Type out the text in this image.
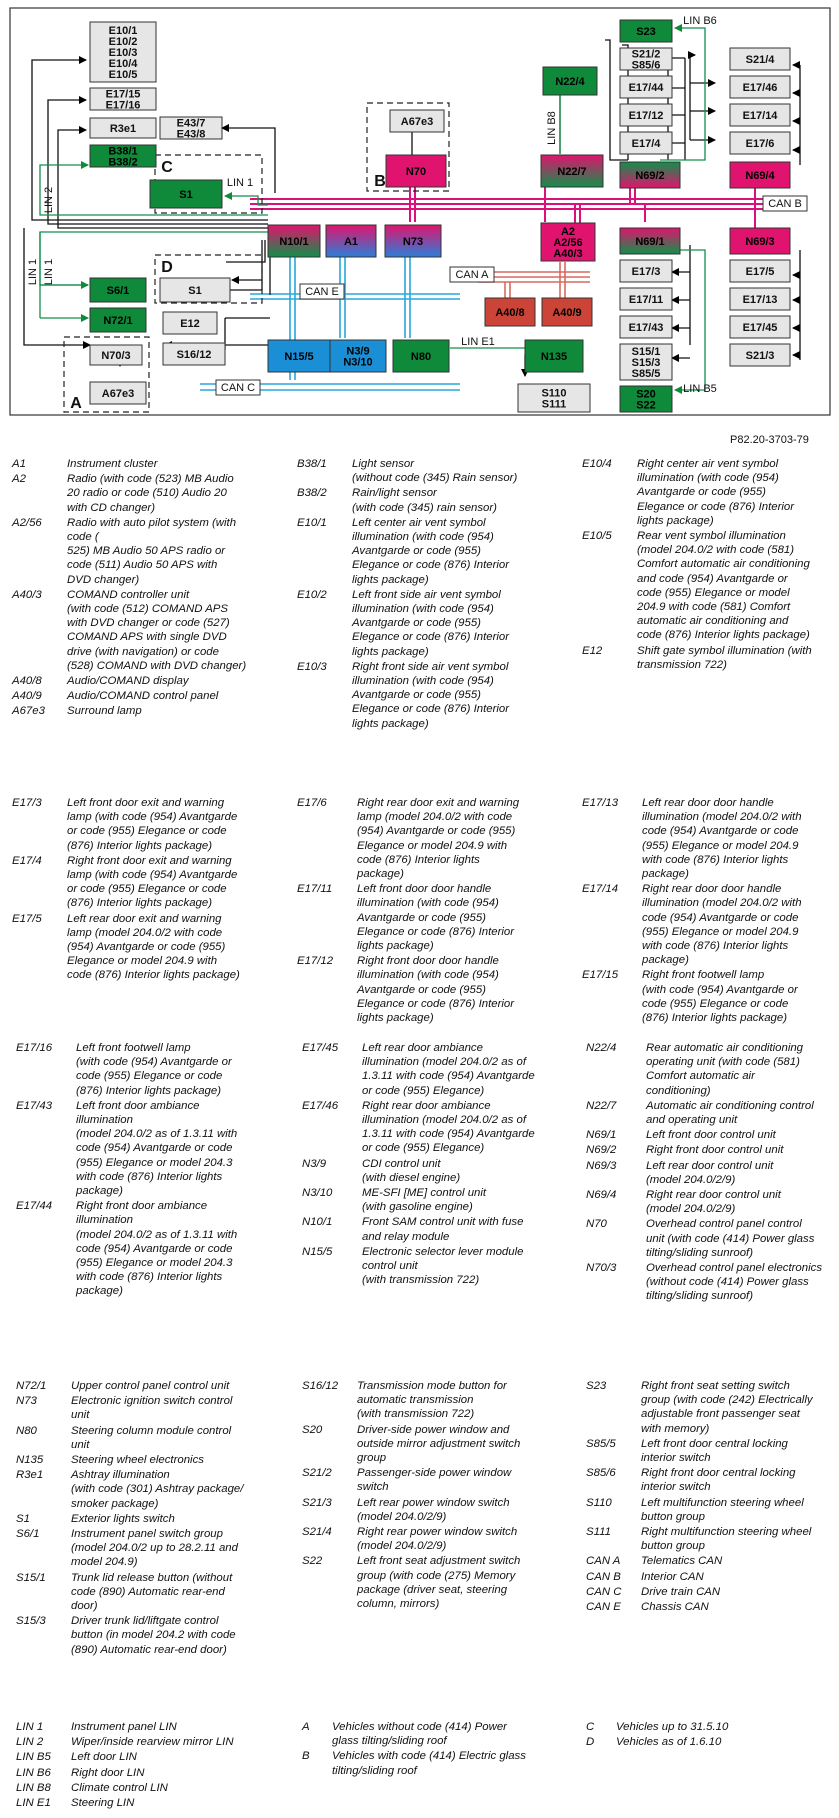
E10/1
E10/2
E10/3
E10/4
E10/5
E17/15
E17/16
R3e1
B38/1
B38/2
E43/7
E43/8
S1
A67e3
N70
N10/1	A1	N73
S6/1	S1
N72/1	E12
S16/12	N15/5	N3/9
N3/10	N80	N135
S110
S111
N70/3
A67e3
N22/4
N22/7
A2
A2/56
A40/3
A40/8	A40/9
S23
S21/2
S85/6
E17/44
E17/12
E17/4
N69/2
S21/4
E17/46
E17/14
E17/6
N69/4
N69/1	N69/3
E17/3
E17/11
E17/43
S15/1
S15/3
S85/5
S20
S22
E17/5
E17/13
E17/45
S21/3
LIN 1
LIN 2
LIN 1 LIN 1
LIN E1
LIN B8
LIN B6
LIN B5
CAN A
CAN B
CAN C
CAN E
A
B
C
D
P82.20-3703-79
A1	Instrument cluster
A2	Radio (with code (523) MB Audio
20 radio or code (510) Audio 20
with CD changer)
A2/56	Radio with auto pilot system (with
code (
525) MB Audio 50 APS radio or
code (511) Audio 50 APS with
DVD changer)
A40/3	COMAND controller unit
(with code (512) COMAND APS
with DVD changer or code (527)
COMAND APS with single DVD
drive (with navigation) or code
(528) COMAND with DVD changer)
A40/8	Audio/COMAND display
A40/9	Audio/COMAND control panel
A67e3	Surround lamp
B38/1	Light sensor
(without code (345) Rain sensor)
B38/2	Rain/light sensor
(with code (345) rain sensor)
E10/1	Left center air vent symbol
illumination (with code (954)
Avantgarde or code (955)
Elegance or code (876) Interior
lights package)
E10/2	Left front side air vent symbol
illumination (with code (954)
Avantgarde or code (955)
Elegance or code (876) Interior
lights package)
E10/3	Right front side air vent symbol
illumination (with code (954)
Avantgarde or code (955)
Elegance or code (876) Interior
lights package)
E10/4	Right center air vent symbol
illumination (with code (954)
Avantgarde or code (955)
Elegance or code (876) Interior
lights package)
E10/5	Rear vent symbol illumination
(model 204.0/2 with code (581)
Comfort automatic air conditioning
and code (954) Avantgarde or
code (955) Elegance or model
204.9 with code (581) Comfort
automatic air conditioning and
code (876) Interior lights package)
E12	Shift gate symbol illumination (with
transmission 722)
E17/3	Left front door exit and warning
lamp (with code (954) Avantgarde
or code (955) Elegance or code
(876) Interior lights package)
E17/4	Right front door exit and warning
lamp (with code (954) Avantgarde
or code (955) Elegance or code
(876) Interior lights package)
E17/5	Left rear door exit and warning
lamp (model 204.0/2 with code
(954) Avantgarde or code (955)
Elegance or model 204.9 with
code (876) Interior lights package)
E17/6	Right rear door exit and warning
lamp (model 204.0/2 with code
(954) Avantgarde or code (955)
Elegance or model 204.9 with
code (876) Interior lights
package)
E17/11	Left front door door handle
illumination (with code (954)
Avantgarde or code (955)
Elegance or code (876) Interior
lights package)
E17/12	Right front door door handle
illumination (with code (954)
Avantgarde or code (955)
Elegance or code (876) Interior
lights package)
E17/13	Left rear door door handle
illumination (model 204.0/2 with
code (954) Avantgarde or code
(955) Elegance or model 204.9
with code (876) Interior lights
package)
E17/14	Right rear door door handle
illumination (model 204.0/2 with
code (954) Avantgarde or code
(955) Elegance or model 204.9
with code (876) Interior lights
package)
E17/15	Right front footwell lamp
(with code (954) Avantgarde or
code (955) Elegance or code
(876) Interior lights package)
E17/16	Left front footwell lamp
(with code (954) Avantgarde or
code (955) Elegance or code
(876) Interior lights package)
E17/43	Left front door ambiance
illumination
(model 204.0/2 as of 1.3.11 with
code (954) Avantgarde or code
(955) Elegance or model 204.3
with code (876) Interior lights
package)
E17/44	Right front door ambiance
illumination
(model 204.0/2 as of 1.3.11 with
code (954) Avantgarde or code
(955) Elegance or model 204.3
with code (876) Interior lights
package)
E17/45	Left rear door ambiance
illumination (model 204.0/2 as of
1.3.11 with code (954) Avantgarde
or code (955) Elegance)
E17/46	Right rear door ambiance
illumination (model 204.0/2 as of
1.3.11 with code (954) Avantgarde
or code (955) Elegance)
N3/9	CDI control unit
(with diesel engine)
N3/10	ME-SFI [ME] control unit
(with gasoline engine)
N10/1	Front SAM control unit with fuse
and relay module
N15/5	Electronic selector lever module
control unit
(with transmission 722)
N22/4	Rear automatic air conditioning
operating unit (with code (581)
Comfort automatic air
conditioning)
N22/7	Automatic air conditioning control
and operating unit
N69/1	Left front door control unit
N69/2	Right front door control unit
N69/3	Left rear door control unit
(model 204.0/2/9)
N69/4	Right rear door control unit
(model 204.0/2/9)
N70	Overhead control panel control
unit (with code (414) Power glass
tilting/sliding sunroof)
N70/3	Overhead control panel electronics
(without code (414) Power glass
tilting/sliding sunroof)
N72/1	Upper control panel control unit
N73	Electronic ignition switch control
unit
N80	Steering column module control
unit
N135	Steering wheel electronics
R3e1	Ashtray illumination
(with code (301) Ashtray package/
smoker package)
S1	Exterior lights switch
S6/1	Instrument panel switch group
(model 204.0/2 up to 28.2.11 and
model 204.9)
S15/1	Trunk lid release button (without
code (890) Automatic rear-end
door)
S15/3	Driver trunk lid/liftgate control
button (in model 204.2 with code
(890) Automatic rear-end door)
S16/12	Transmission mode button for
automatic transmission
(with transmission 722)
S20	Driver-side power window and
outside mirror adjustment switch
group
S21/2	Passenger-side power window
switch
S21/3	Left rear power window switch
(model 204.0/2/9)
S21/4	Right rear power window switch
(model 204.0/2/9)
S22	Left front seat adjustment switch
group (with code (275) Memory
package (driver seat, steering
column, mirrors)
S23	Right front seat setting switch
group (with code (242) Electrically
adjustable front passenger seat
with memory)
S85/5	Left front door central locking
interior switch
S85/6	Right front door central locking
interior switch
S110	Left multifunction steering wheel
button group
S111	Right multifunction steering wheel
button group
CAN A	Telematics CAN
CAN B	Interior CAN
CAN C	Drive train CAN
CAN E	Chassis CAN
LIN 1	Instrument panel LIN
LIN 2	Wiper/inside rearview mirror LIN
LIN B5	Left door LIN
LIN B6	Right door LIN
LIN B8	Climate control LIN
LIN E1	Steering LIN
A	Vehicles without code (414) Power
glass tilting/sliding roof
B	Vehicles with code (414) Electric glass
tilting/sliding roof
C	Vehicles up to 31.5.10
D	Vehicles as of 1.6.10
